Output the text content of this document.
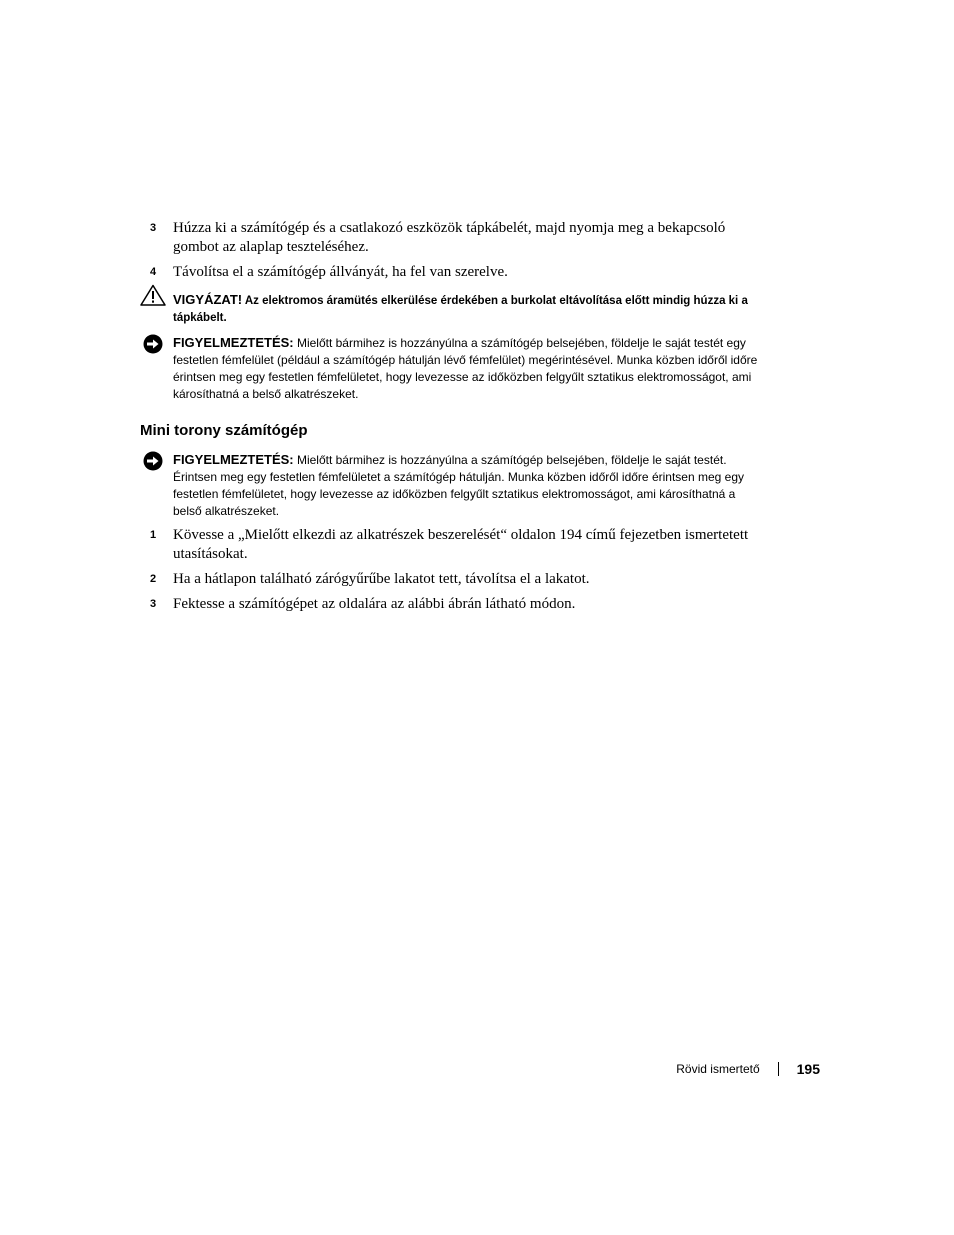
3 Húzza ki a számítógép és a csatlakozó eszközök tápkábelét, majd nyomja meg a bekapcsoló gombot az alaplap teszteléséhez.
4 Távolítsa el a számítógép állványát, ha fel van szerelve.
VIGYÁZAT! Az elektromos áramütés elkerülése érdekében a burkolat eltávolítása előtt mindig húzza ki a tápkábelt.
FIGYELMEZTETÉS: Mielőtt bármihez is hozzányúlna a számítógép belsejében, földelje le saját testét egy festetlen fémfelület (például a számítógép hátulján lévő fémfelület) megérintésével. Munka közben időről időre érintsen meg egy festetlen fémfelületet, hogy levezesse az időközben felgyűlt sztatikus elektromosságot, ami károsíthatná a belső alkatrészeket.
Mini torony számítógép
FIGYELMEZTETÉS: Mielőtt bármihez is hozzányúlna a számítógép belsejében, földelje le saját testét. Érintsen meg egy festetlen fémfelületet a számítógép hátulján. Munka közben időről időre érintsen meg egy festetlen fémfelületet, hogy levezesse az időközben felgyűlt sztatikus elektromosságot, ami károsíthatná a belső alkatrészeket.
1 Kövesse a „Mielőtt elkezdi az alkatrészek beszerelését“ oldalon 194 című fejezetben ismertetett utasításokat.
2 Ha a hátlapon található zárógyűrűbe lakatot tett, távolítsa el a lakatot.
3 Fektesse a számítógépet az oldalára az alábbi ábrán látható módon.
Rövid ismertető	195
